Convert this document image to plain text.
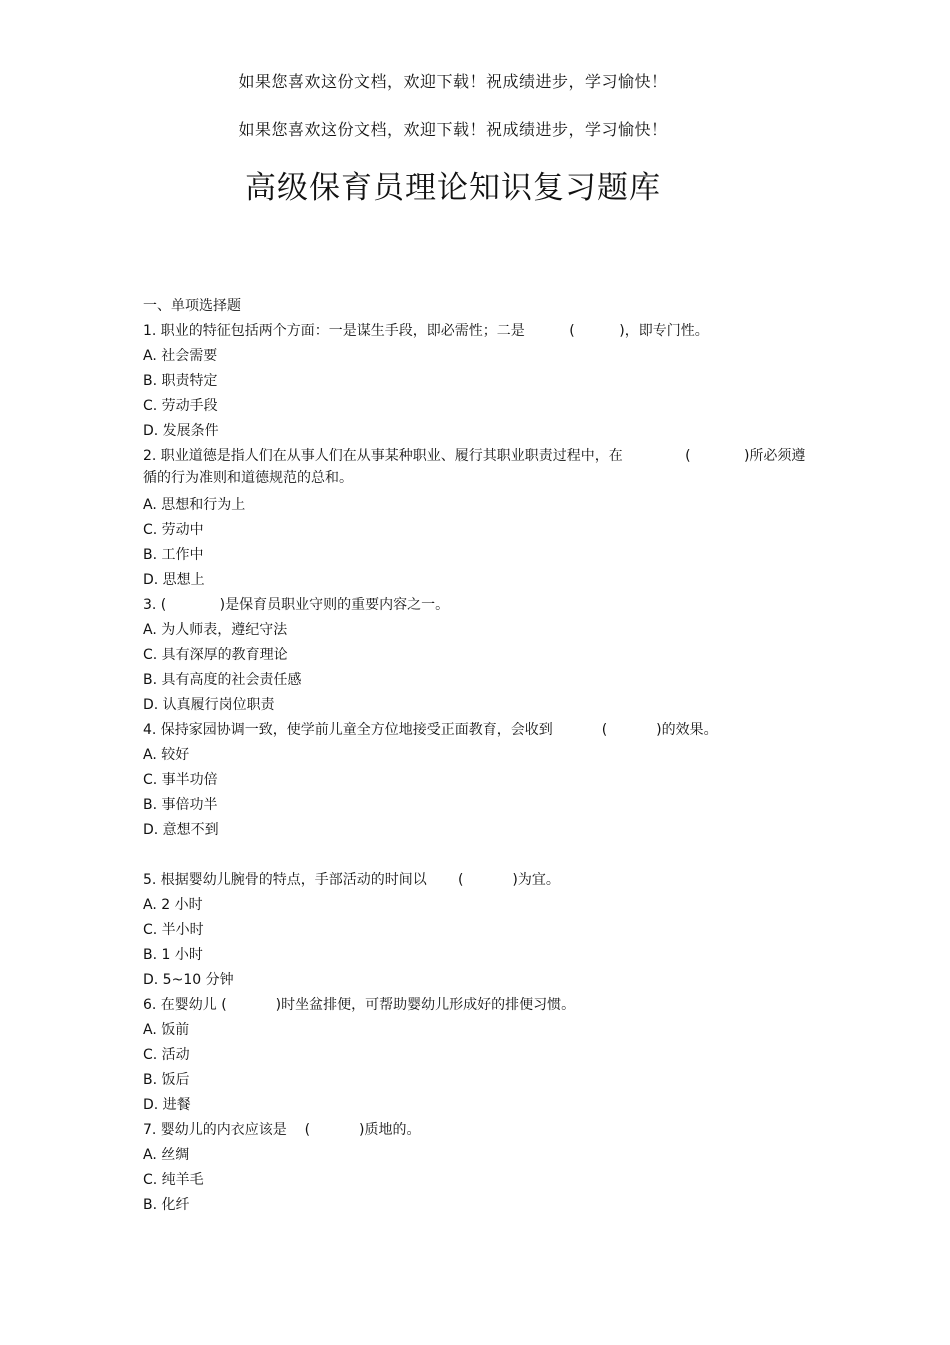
如果您喜欢这份文档，欢迎下载！祝成绩进步，学习愉快！
如果您喜欢这份文档，欢迎下载！祝成绩进步，学习愉快！
高级保育员理论知识复习题库

一、单项选择题

1. 职业的特征包括两个方面：一是谋生手段，即必需性；二是          (          )，即专门性。

A. 社会需要
B. 职责特定
C. 劳动手段
D. 发展条件

2. 职业道德是指人们在从事人们在从事某种职业、履行其职业职责过程中，在              (            )所必须遵循的行为准则和道德规范的总和。

A. 思想和行为上
C. 劳动中
B. 工作中
D. 思想上

3. (            )是保育员职业守则的重要内容之一。

A. 为人师表，遵纪守法
C. 具有深厚的教育理论
B. 具有高度的社会责任感
D. 认真履行岗位职责

4. 保持家园协调一致，使学前儿童全方位地接受正面教育，会收到           (           )的效果。

A. 较好
C. 事半功倍
B. 事倍功半
D. 意想不到

5. 根据婴幼儿腕骨的特点，手部活动的时间以       (           )为宜。

A. 2 小时
C. 半小时
B. 1 小时
D. 5~10 分钟

6. 在婴幼儿 (           )时坐盆排便，可帮助婴幼儿形成好的排便习惯。

A. 饭前
C. 活动
B. 饭后
D. 进餐

7. 婴幼儿的内衣应该是    (           )质地的。

A. 丝绸
C. 纯羊毛
B. 化纤
